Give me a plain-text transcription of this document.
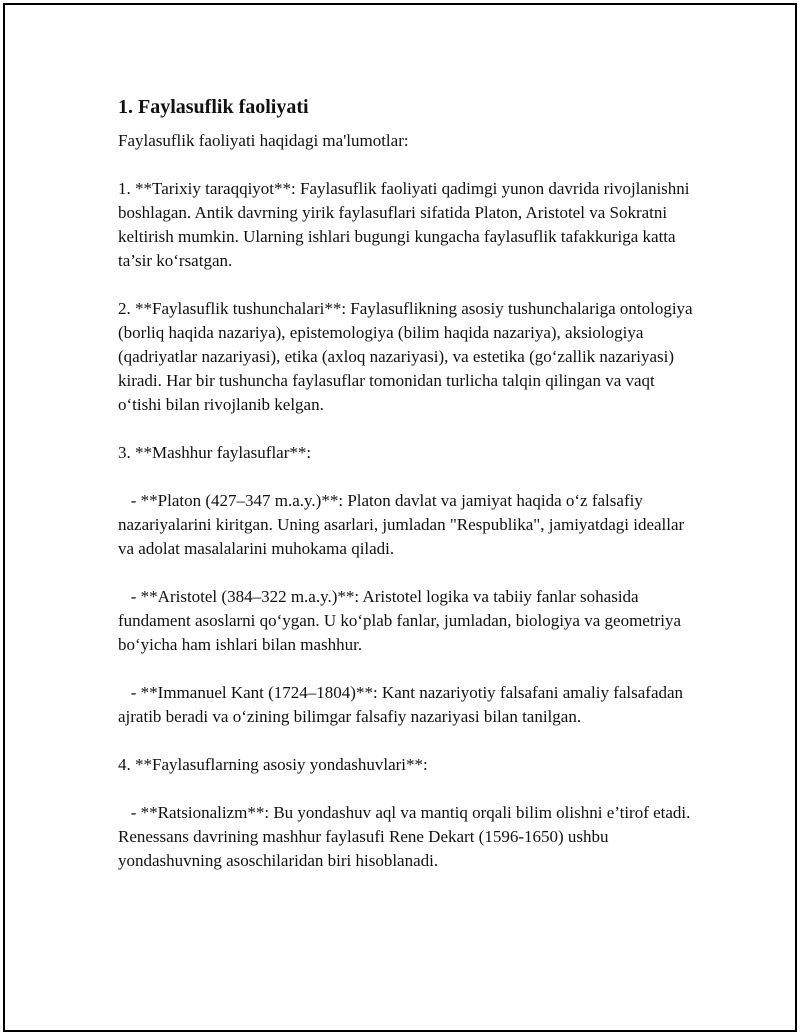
1. Faylasuflik faoliyati

Faylasuflik faoliyati haqidagi ma'lumotlar:

1. **Tarixiy taraqqiyot**: Faylasuflik faoliyati qadimgi yunon davrida rivojlanishni boshlagan. Antik davrning yirik faylasuflari sifatida Platon, Aristotel va Sokratni keltirish mumkin. Ularning ishlari bugungi kungacha faylasuflik tafakkuriga katta ta’sir ko‘rsatgan.

2. **Faylasuflik tushunchalari**: Faylasuflikning asosiy tushunchalariga ontologiya (borliq haqida nazariya), epistemologiya (bilim haqida nazariya), aksiologiya (qadriyatlar nazariyasi), etika (axloq nazariyasi), va estetika (go‘zallik nazariyasi) kiradi. Har bir tushuncha faylasuflar tomonidan turlicha talqin qilingan va vaqt o‘tishi bilan rivojlanib kelgan.

3. **Mashhur faylasuflar**:

- **Platon (427–347 m.a.y.)**: Platon davlat va jamiyat haqida o‘z falsafiy nazariyalarini kiritgan. Uning asarlari, jumladan "Respublika", jamiyatdagi ideallar va adolat masalalarini muhokama qiladi.

- **Aristotel (384–322 m.a.y.)**: Aristotel logika va tabiiy fanlar sohasida fundament asoslarni qo‘ygan. U ko‘plab fanlar, jumladan, biologiya va geometriya bo‘yicha ham ishlari bilan mashhur.

- **Immanuel Kant (1724–1804)**: Kant nazariyotiy falsafani amaliy falsafadan ajratib beradi va o‘zining bilimgar falsafiy nazariyasi bilan tanilgan.

4. **Faylasuflarning asosiy yondashuvlari**:

- **Ratsionalizm**: Bu yondashuv aql va mantiq orqali bilim olishni e’tirof etadi. Renessans davrining mashhur faylasufi Rene Dekart (1596-1650) ushbu yondashuvning asoschilaridan biri hisoblanadi.
